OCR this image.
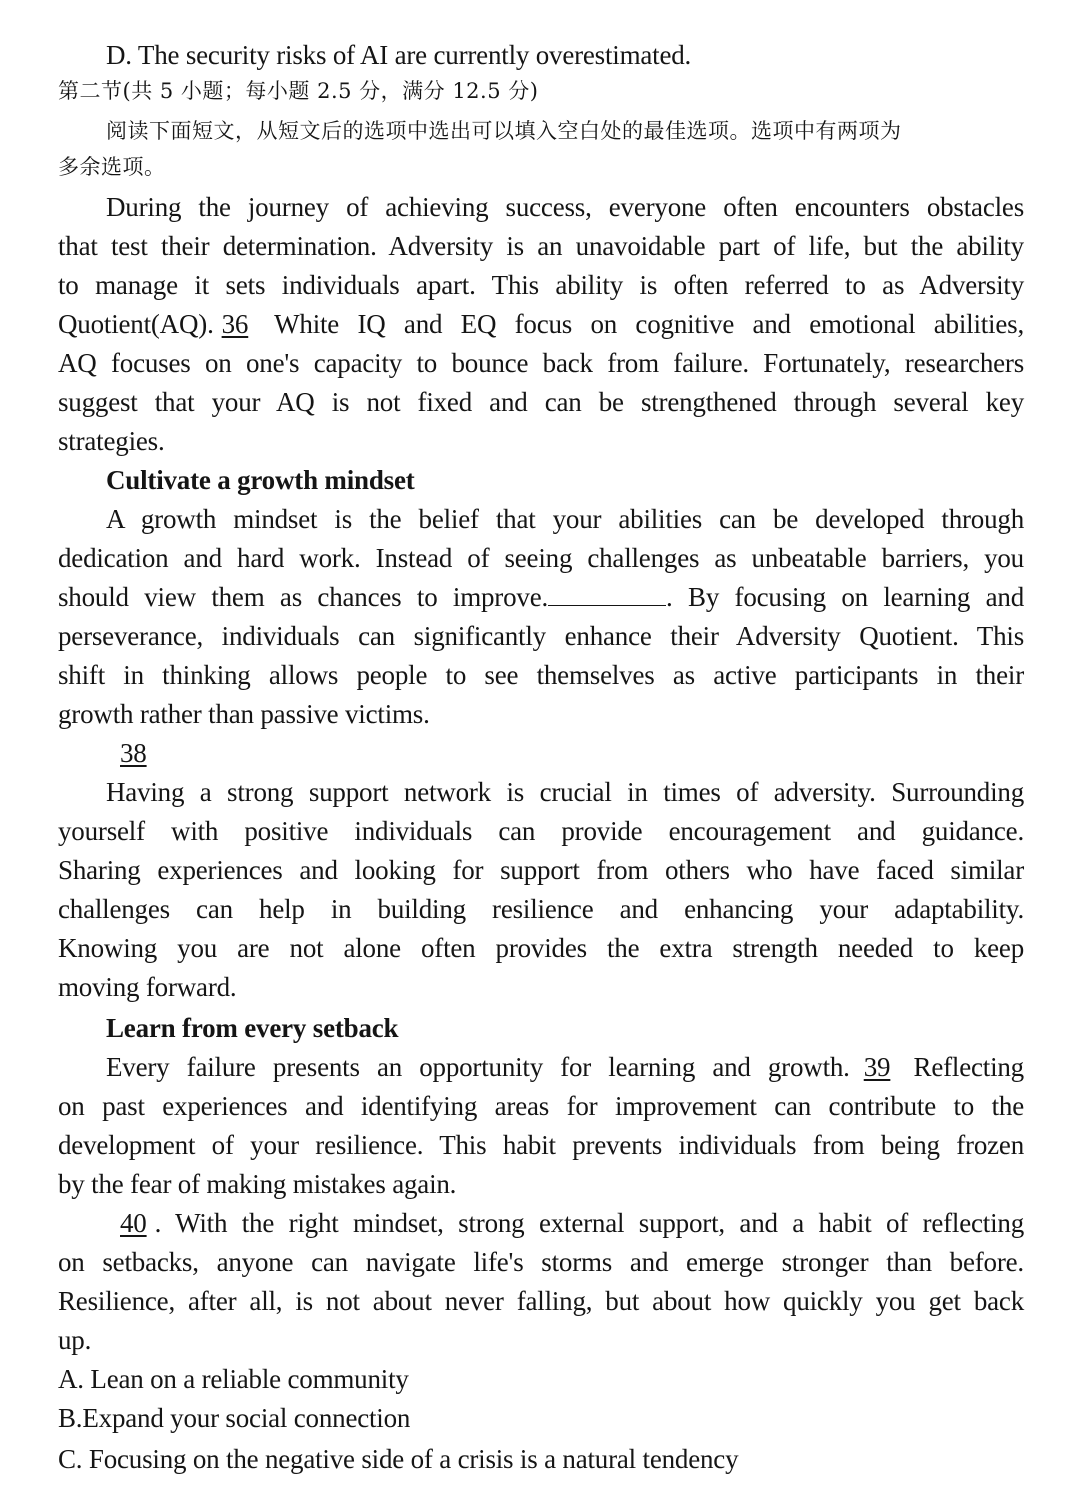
D. The security risks of AI are currently overestimated.
第二节(共 5 小题；每小题 2.5 分，满分 12.5 分)
阅读下面短文，从短文后的选项中选出可以填入空白处的最佳选项。选项中有两项为
多余选项。
During the journey of achieving success, everyone often encounters obstacles
that test their determination. Adversity is an unavoidable part of life, but the ability
to manage it sets individuals apart. This ability is often referred to as Adversity
Quotient(AQ). 36 White IQ and EQ focus on cognitive and emotional abilities,
AQ focuses on one's capacity to bounce back from failure. Fortunately, researchers
suggest that your AQ is not fixed and can be strengthened through several key
strategies.
Cultivate a growth mindset
A growth mindset is the belief that your abilities can be developed through
dedication and hard work. Instead of seeing challenges as unbeatable barriers, you
should view them as chances to improve.	. By focusing on learning and
perseverance, individuals can significantly enhance their Adversity Quotient. This
shift in thinking allows people to see themselves as active participants in their
growth rather than passive victims.
38
Having a strong support network is crucial in times of adversity. Surrounding
yourself with positive individuals can provide encouragement and guidance.
Sharing experiences and looking for support from others who have faced similar
challenges can help in building resilience and enhancing your adaptability.
Knowing you are not alone often provides the extra strength needed to keep
moving forward.
Learn from every setback
Every failure presents an opportunity for learning and growth. 39 Reflecting
on past experiences and identifying areas for improvement can contribute to the
development of your resilience. This habit prevents individuals from being frozen
by the fear of making mistakes again.
40 . With the right mindset, strong external support, and a habit of reflecting
on setbacks, anyone can navigate life's storms and emerge stronger than before.
Resilience, after all, is not about never falling, but about how quickly you get back
up.
A. Lean on a reliable community
B.Expand your social connection
C. Focusing on the negative side of a crisis is a natural tendency
